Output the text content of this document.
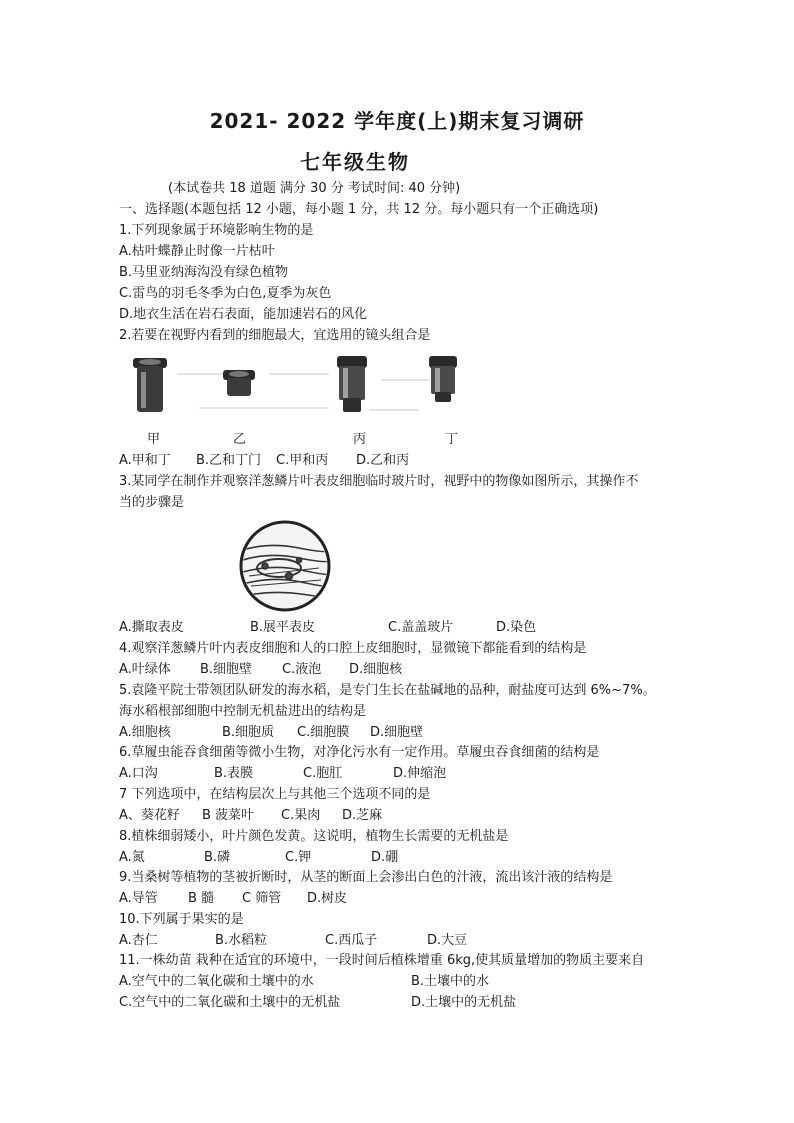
2021- 2022 学年度(上)期末复习调研
七年级生物
(本试卷共 18 道题 满分 30 分 考试时间: 40 分钟)
一、选择题(本题包括 12 小题，每小题 1 分，共 12 分。每小题只有一个正确选项)
1.下列现象属于环境影响生物的是
A.枯叶蝶静止时像一片枯叶
B.马里亚纳海沟没有绿色植物
C.雷鸟的羽毛冬季为白色,夏季为灰色
D.地衣生活在岩石表面，能加速岩石的风化
2.若要在视野内看到的细胞最大，宜选用的镜头组合是
甲	乙	丙	丁
A.甲和丁 B.乙和丁门 C.甲和丙 D.乙和丙
3.某同学在制作并观察洋葱鳞片叶表皮细胞临时玻片时，视野中的物像如图所示，其操作不
当的步骤是
A.撕取表皮	B.展平表皮	C.盖盖玻片	D.染色
4.观察洋葱鳞片叶内表皮细胞和人的口腔上皮细胞时，显微镜下都能看到的结构是
A.叶绿体 B.细胞壁 C.液泡 D.细胞核
5.袁隆平院士带领团队研发的海水稻，是专门生长在盐碱地的品种，耐盐度可达到 6%~7%。
海水稻根部细胞中控制无机盐进出的结构是
A.细胞核	B.细胞质 C.细胞膜 D.细胞壁
6.草履虫能吞食细菌等微小生物，对净化污水有一定作用。草履虫吞食细菌的结构是
A.口沟	B.表膜	C.胞肛	D.伸缩泡
7 下列选项中，在结构层次上与其他三个选项不同的是
A、葵花籽 B 菠菜叶 C.果肉 D.芝麻
8.植株细弱矮小，叶片颜色发黄。这说明，植物生长需要的无机盐是
A.氮	B.磷	C.钾	D.硼
9.当桑树等植物的茎被折断时，从茎的断面上会渗出白色的汁液，流出该汁液的结构是
A.导管 B 髓 C 筛管 D.树皮
10.下列属于果实的是
A.杏仁	B.水稻粒	C.西瓜子	D.大豆
11.一株幼苗 栽种在适宜的环境中，一段时间后植株增重 6kg,使其质量增加的物质主要来自
A.空气中的二氧化碳和土壤中的水	B.土壤中的水
C.空气中的二氧化碳和土壤中的无机盐	D.土壤中的无机盐
